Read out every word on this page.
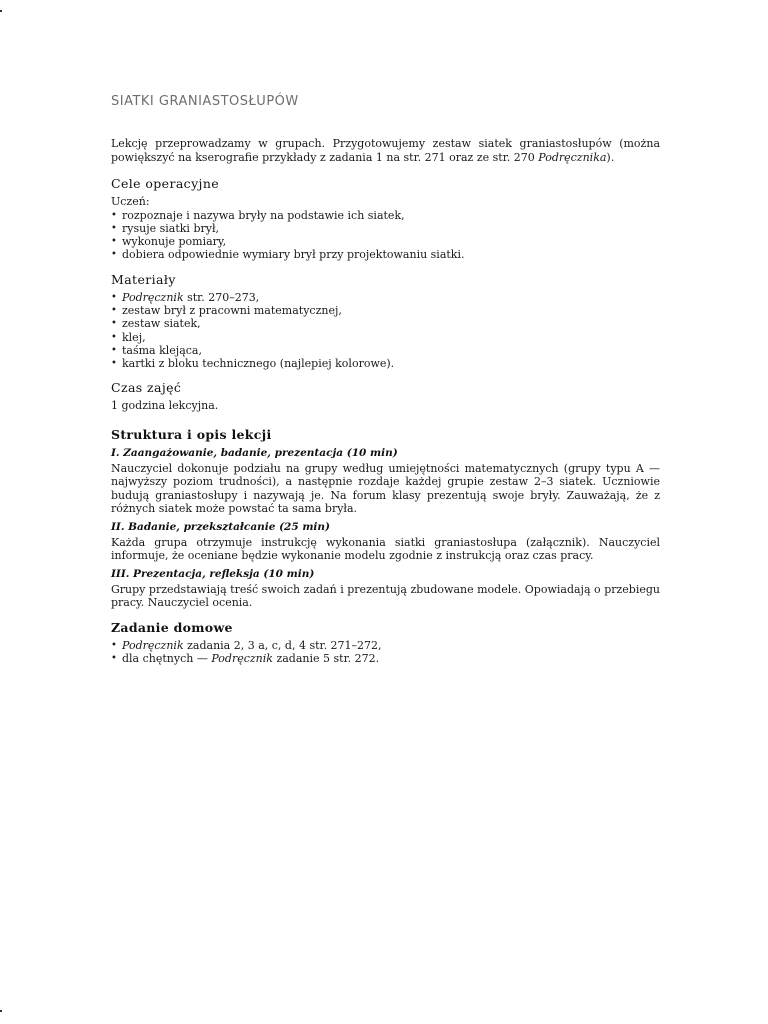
SIATKI GRANIASTOSŁUPÓW

Lekcję przeprowadzamy w grupach. Przygotowujemy zestaw siatek graniastosłupów (można powiększyć na kserografie przykłady z zadania 1 na str. 271 oraz ze str. 270 Podręcznika).

Cele operacyjne

Uczeń:

• rozpoznaje i nazywa bryły na podstawie ich siatek,
• rysuje siatki brył,
• wykonuje pomiary,
• dobiera odpowiednie wymiary brył przy projektowaniu siatki.
Materiały
• Podręcznik str. 270–273,
• zestaw brył z pracowni matematycznej,
• zestaw siatek,
• klej,
• taśma klejąca,
• kartki z bloku technicznego (najlepiej kolorowe).
Czas zajęć

1 godzina lekcyjna.

Struktura i opis lekcji
I. Zaangażowanie, badanie, prezentacja (10 min)

Nauczyciel dokonuje podziału na grupy według umiejętności matematycznych (grupy typu A — najwyższy poziom trudności), a następnie rozdaje każdej grupie zestaw 2–3 siatek. Uczniowie budują graniastosłupy i nazywają je. Na forum klasy prezentują swoje bryły. Zauważają, że z różnych siatek może powstać ta sama bryła.

II. Badanie, przekształcanie (25 min)

Każda grupa otrzymuje instrukcję wykonania siatki graniastosłupa (załącznik). Nauczyciel informuje, że oceniane będzie wykonanie modelu zgodnie z instrukcją oraz czas pracy.

III. Prezentacja, refleksja (10 min)

Grupy przedstawiają treść swoich zadań i prezentują zbudowane modele. Opowiadają o przebiegu pracy. Nauczyciel ocenia.

Zadanie domowe
• Podręcznik zadania 2, 3 a, c, d, 4 str. 271–272,
• dla chętnych — Podręcznik zadanie 5 str. 272.
